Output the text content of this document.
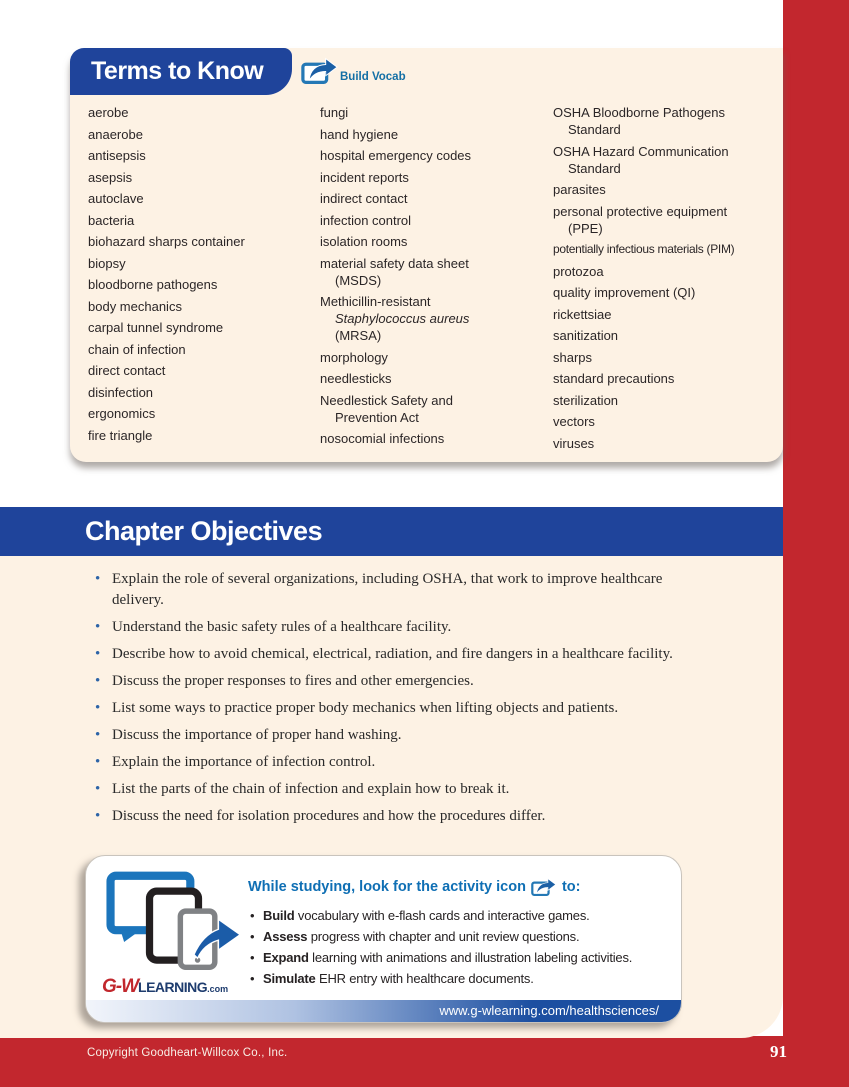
Terms to Know	Build Vocab
aerobe
anaerobe
antisepsis
asepsis
autoclave
bacteria
biohazard sharps container
biopsy
bloodborne pathogens
body mechanics
carpal tunnel syndrome
chain of infection
direct contact
disinfection
ergonomics
fire triangle
fungi
hand hygiene
hospital emergency codes
incident reports
indirect contact
infection control
isolation rooms
material safety data sheet (MSDS)
Methicillin-resistant Staphylococcus aureus (MRSA)
morphology
needlesticks
Needlestick Safety and Prevention Act
nosocomial infections
OSHA Bloodborne Pathogens Standard
OSHA Hazard Communication Standard
parasites
personal protective equipment (PPE)
potentially infectious materials (PIM)
protozoa
quality improvement (QI)
rickettsiae
sanitization
sharps
standard precautions
sterilization
vectors
viruses
Chapter Objectives
• Explain the role of several organizations, including OSHA, that work to improve healthcare delivery.
• Understand the basic safety rules of a healthcare facility.
• Describe how to avoid chemical, electrical, radiation, and fire dangers in a healthcare facility.
• Discuss the proper responses to fires and other emergencies.
• List some ways to practice proper body mechanics when lifting objects and patients.
• Discuss the importance of proper hand washing.
• Explain the importance of infection control.
• List the parts of the chain of infection and explain how to break it.
• Discuss the need for isolation procedures and how the procedures differ.
G-WLEARNING.com
While studying, look for the activity icon to:
• Build vocabulary with e-flash cards and interactive games.
• Assess progress with chapter and unit review questions.
• Expand learning with animations and illustration labeling activities.
• Simulate EHR entry with healthcare documents.
www.g-wlearning.com/healthsciences/
Copyright Goodheart-Willcox Co., Inc.	91
